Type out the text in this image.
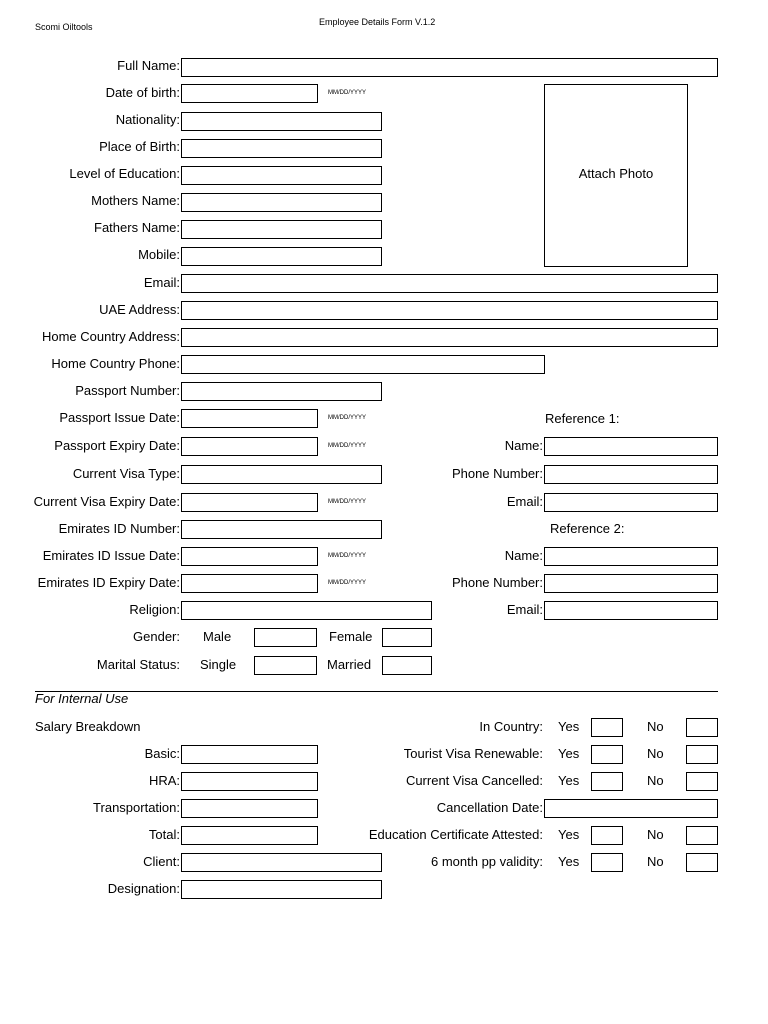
Scomi Oiltools	Employee Details Form V.1.2
Full Name:
Date of birth:	MM/DD/YYYY
Attach Photo
Nationality:
Place of Birth:
Level of Education:
Mothers Name:
Fathers Name:
Mobile:
Email:
UAE Address:
Home Country Address:
Home Country Phone:
Passport Number:
Passport Issue Date:	MM/DD/YYYY
Passport Expiry Date:	MM/DD/YYYY
Current Visa Type:
Current Visa Expiry Date:	MM/DD/YYYY
Emirates ID Number:
Emirates ID Issue Date:	MM/DD/YYYY
Emirates ID Expiry Date:	MM/DD/YYYY
Religion:
Gender: Male	Female
Marital Status: Single	Married
Reference 1:
Name:
Phone Number:
Email:
Reference 2:
Name:
Phone Number:
Email:
For Internal Use
Salary Breakdown
Basic:
HRA:
Transportation:
Total:
Client:
Designation:
In Country: Yes	No
Tourist Visa Renewable: Yes	No
Current Visa Cancelled: Yes	No
Cancellation Date:
Education Certificate Attested: Yes	No
6 month pp validity: Yes	No
